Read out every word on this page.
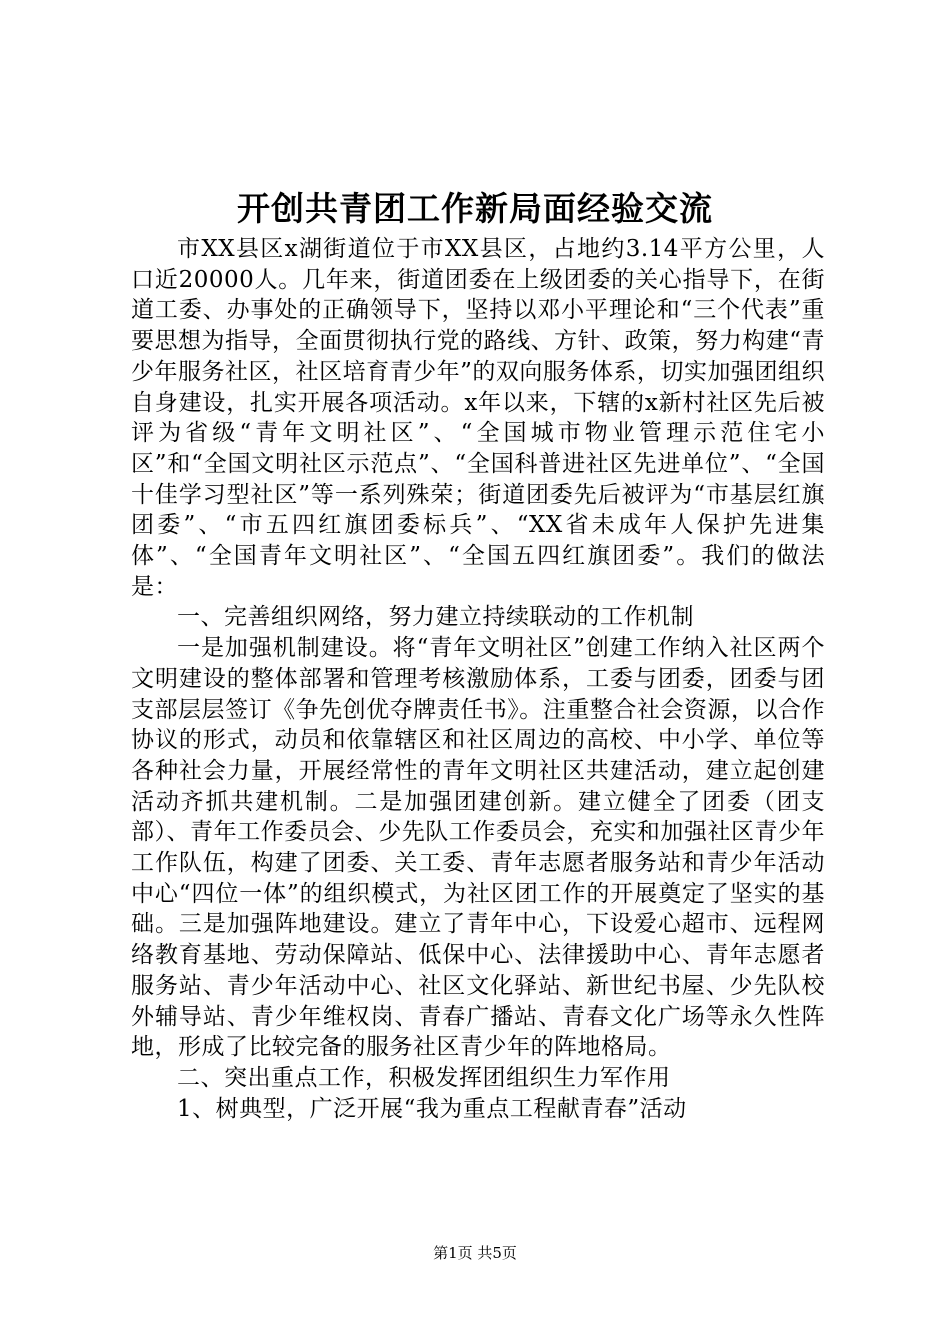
开创共青团工作新局面经验交流

市XX县区x湖街道位于市XX县区，占地约3.14平方公里，人口近20000人。几年来，街道团委在上级团委的关心指导下，在街道工委、办事处的正确领导下，坚持以邓小平理论和“三个代表”重要思想为指导，全面贯彻执行党的路线、方针、政策，努力构建“青少年服务社区，社区培育青少年”的双向服务体系，切实加强团组织自身建设，扎实开展各项活动。x年以来，下辖的x新村社区先后被评为省级“青年文明社区”、“全国城市物业管理示范住宅小区”和“全国文明社区示范点”、“全国科普进社区先进单位”、“全国十佳学习型社区”等一系列殊荣；街道团委先后被评为“市基层红旗团委”、“市五四红旗团委标兵”、“XX省未成年人保护先进集体”、“全国青年文明社区”、“全国五四红旗团委”。我们的做法是：

一、完善组织网络，努力建立持续联动的工作机制

一是加强机制建设。将“青年文明社区”创建工作纳入社区两个文明建设的整体部署和管理考核激励体系，工委与团委，团委与团支部层层签订《争先创优夺牌责任书》。注重整合社会资源，以合作协议的形式，动员和依靠辖区和社区周边的高校、中小学、单位等各种社会力量，开展经常性的青年文明社区共建活动，建立起创建活动齐抓共建机制。二是加强团建创新。建立健全了团委（团支部）、青年工作委员会、少先队工作委员会，充实和加强社区青少年工作队伍，构建了团委、关工委、青年志愿者服务站和青少年活动中心“四位一体”的组织模式，为社区团工作的开展奠定了坚实的基础。三是加强阵地建设。建立了青年中心，下设爱心超市、远程网络教育基地、劳动保障站、低保中心、法律援助中心、青年志愿者服务站、青少年活动中心、社区文化驿站、新世纪书屋、少先队校外辅导站、青少年维权岗、青春广播站、青春文化广场等永久性阵地，形成了比较完备的服务社区青少年的阵地格局。

二、突出重点工作，积极发挥团组织生力军作用

1、树典型，广泛开展“我为重点工程献青春”活动

第1页 共5页
